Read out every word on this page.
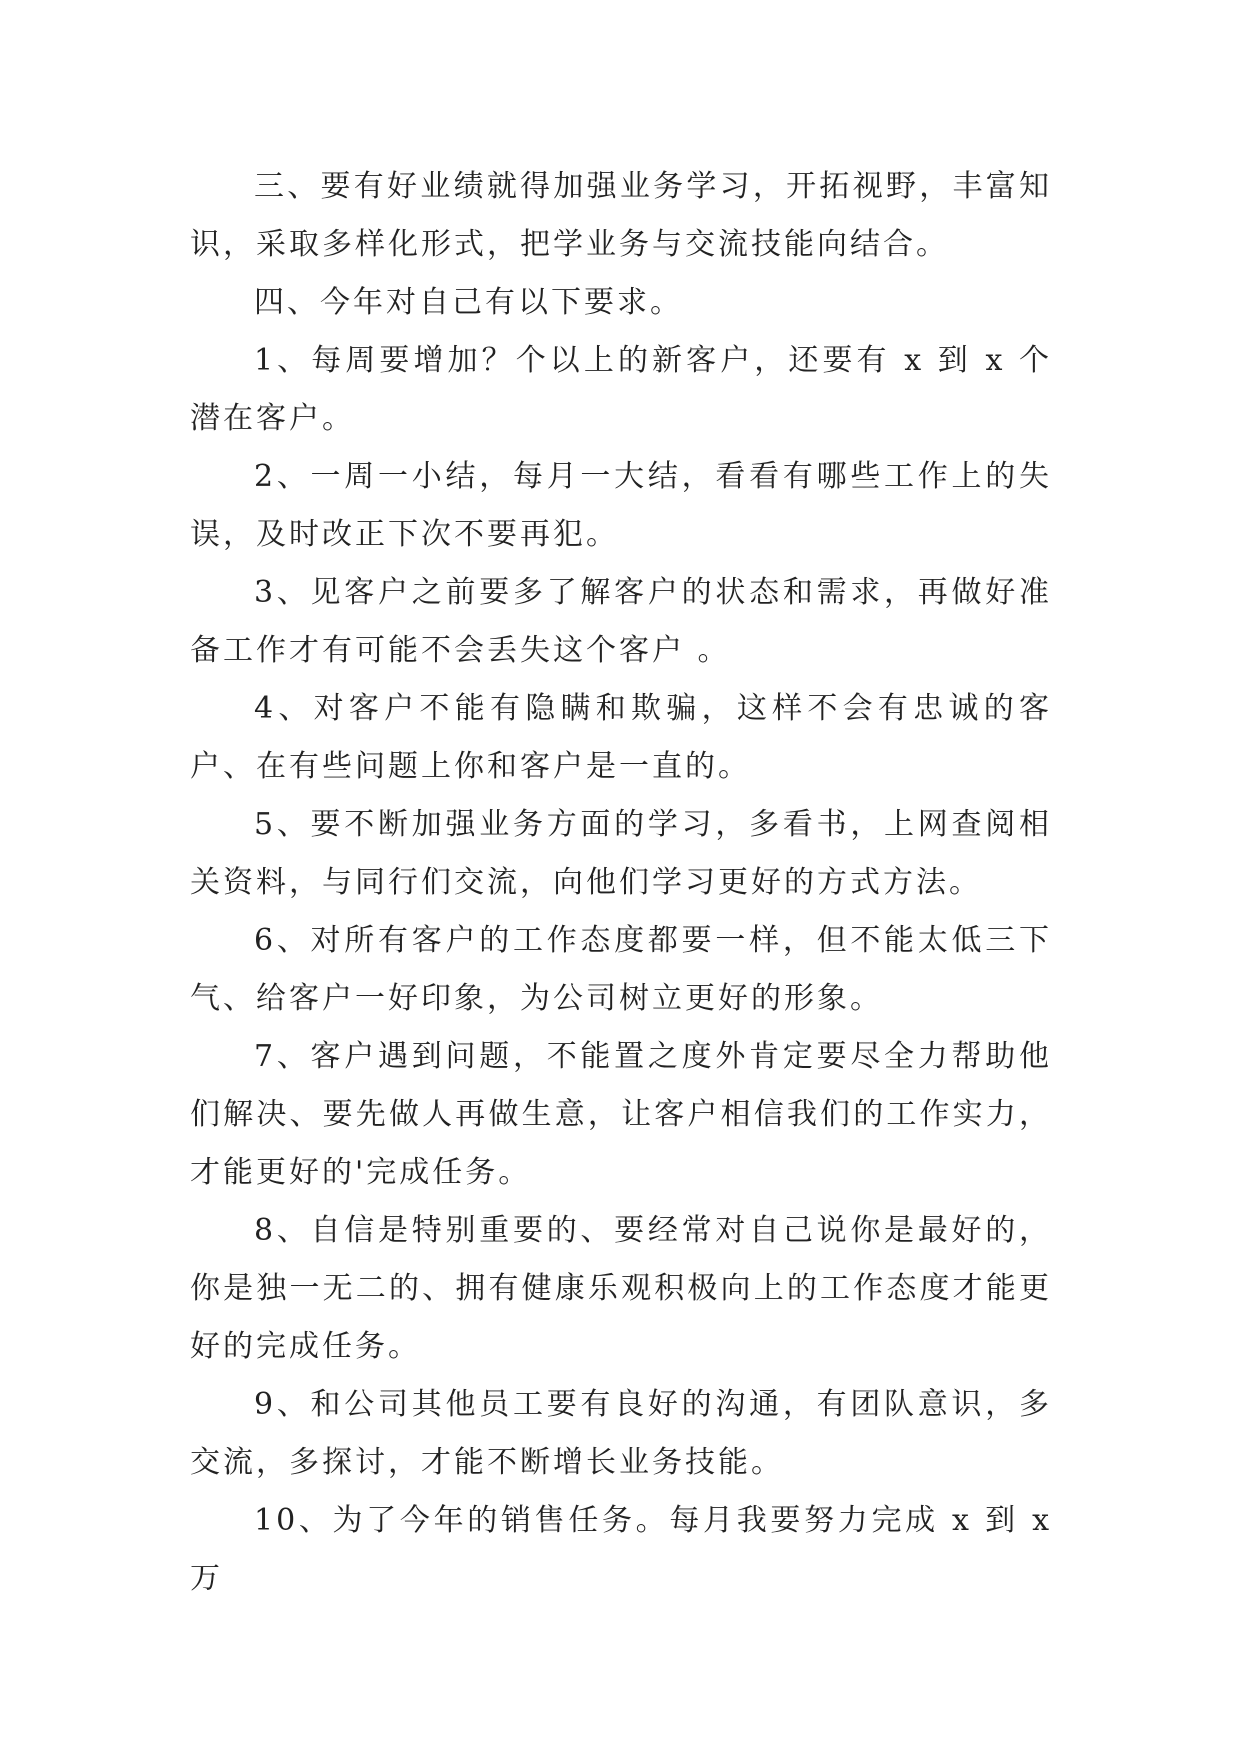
三、要有好业绩就得加强业务学习，开拓视野，丰富知识，采取多样化形式，把学业务与交流技能向结合。

四、今年对自己有以下要求。

1、每周要增加？个以上的新客户，还要有 x 到 x 个潜在客户。

2、一周一小结，每月一大结，看看有哪些工作上的失误，及时改正下次不要再犯。

3、见客户之前要多了解客户的状态和需求，再做好准备工作才有可能不会丢失这个客户 。

4、对客户不能有隐瞒和欺骗，这样不会有忠诚的客户、在有些问题上你和客户是一直的。

5、要不断加强业务方面的学习，多看书，上网查阅相关资料，与同行们交流，向他们学习更好的方式方法。

6、对所有客户的工作态度都要一样，但不能太低三下气、给客户一好印象，为公司树立更好的形象。

7、客户遇到问题，不能置之度外肯定要尽全力帮助他们解决、要先做人再做生意，让客户相信我们的工作实力，才能更好的'完成任务。

8、自信是特别重要的、要经常对自己说你是最好的，你是独一无二的、拥有健康乐观积极向上的工作态度才能更好的完成任务。

9、和公司其他员工要有良好的沟通，有团队意识，多交流，多探讨，才能不断增长业务技能。

10、为了今年的销售任务。每月我要努力完成 x 到 x 万
